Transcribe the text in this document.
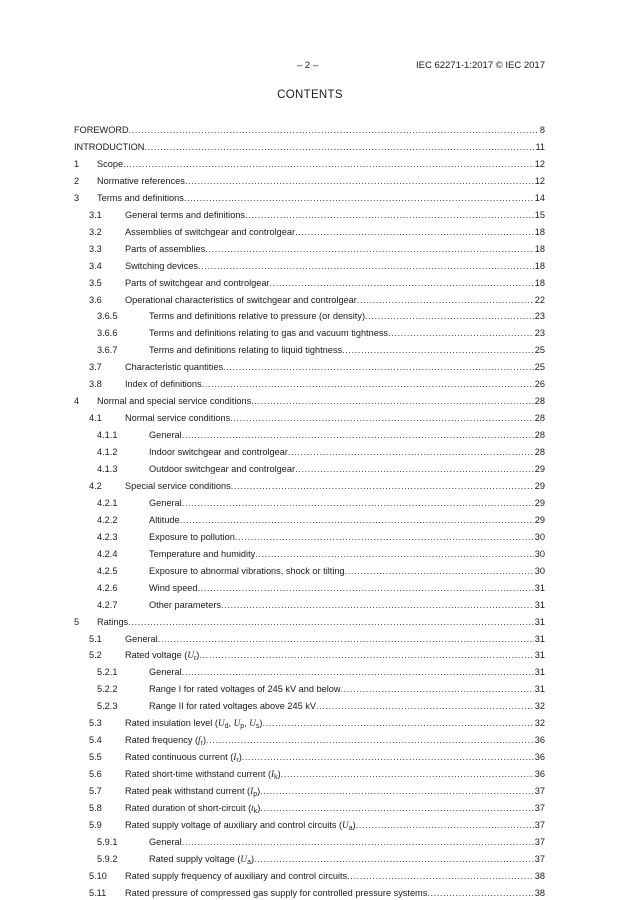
– 2 –	IEC 62271-1:2017 © IEC 2017
CONTENTS
FOREWORD .....	8
INTRODUCTION .....	11
1 Scope .....	12
2 Normative references .....	12
3 Terms and definitions .....	14
3.1	General terms and definitions .....	15
3.2	Assemblies of switchgear and controlgear .....	18
3.3	Parts of assemblies .....	18
3.4	Switching devices .....	18
3.5	Parts of switchgear and controlgear .....	18
3.6	Operational characteristics of switchgear and controlgear .....	22
3.6.5	Terms and definitions relative to pressure (or density) .....	23
3.6.6	Terms and definitions relating to gas and vacuum tightness .....	23
3.6.7	Terms and definitions relating to liquid tightness .....	25
3.7	Characteristic quantities .....	25
3.8	Index of definitions .....	26
4 Normal and special service conditions .....	28
4.1	Normal service conditions .....	28
4.1.1	General .....	28
4.1.2	Indoor switchgear and controlgear .....	28
4.1.3	Outdoor switchgear and controlgear .....	29
4.2	Special service conditions .....	29
4.2.1	General .....	29
4.2.2	Altitude .....	29
4.2.3	Exposure to pollution .....	30
4.2.4	Temperature and humidity .....	30
4.2.5	Exposure to abnormal vibrations, shock or tilting .....	30
4.2.6	Wind speed .....	31
4.2.7	Other parameters .....	31
5 Ratings .....	31
5.1	General .....	31
5.2	Rated voltage $(U_r)$ .....	31
5.2.1	General .....	31
5.2.2	Range I for rated voltages of 245 kV and below .....	31
5.2.3	Range II for rated voltages above 245 kV .....	32
5.3	Rated insulation level ($U_d$, $U_p$, $U_s$) .....	32
5.4	Rated frequency $(f_r)$ .....	36
5.5	Rated continuous current $(I_r)$ .....	36
5.6	Rated short-time withstand current $(I_k)$ .....	36
5.7	Rated peak withstand current $(I_p)$ .....	37
5.8	Rated duration of short-circuit $(t_k)$ .....	37
5.9	Rated supply voltage of auxiliary and control circuits $(U_a)$ .....	37
5.9.1	General .....	37
5.9.2	Rated supply voltage $(U_a)$ .....	37
5.10 Rated supply frequency of auxiliary and control circuits .....	38
5.11 Rated pressure of compressed gas supply for controlled pressure systems .....	38
